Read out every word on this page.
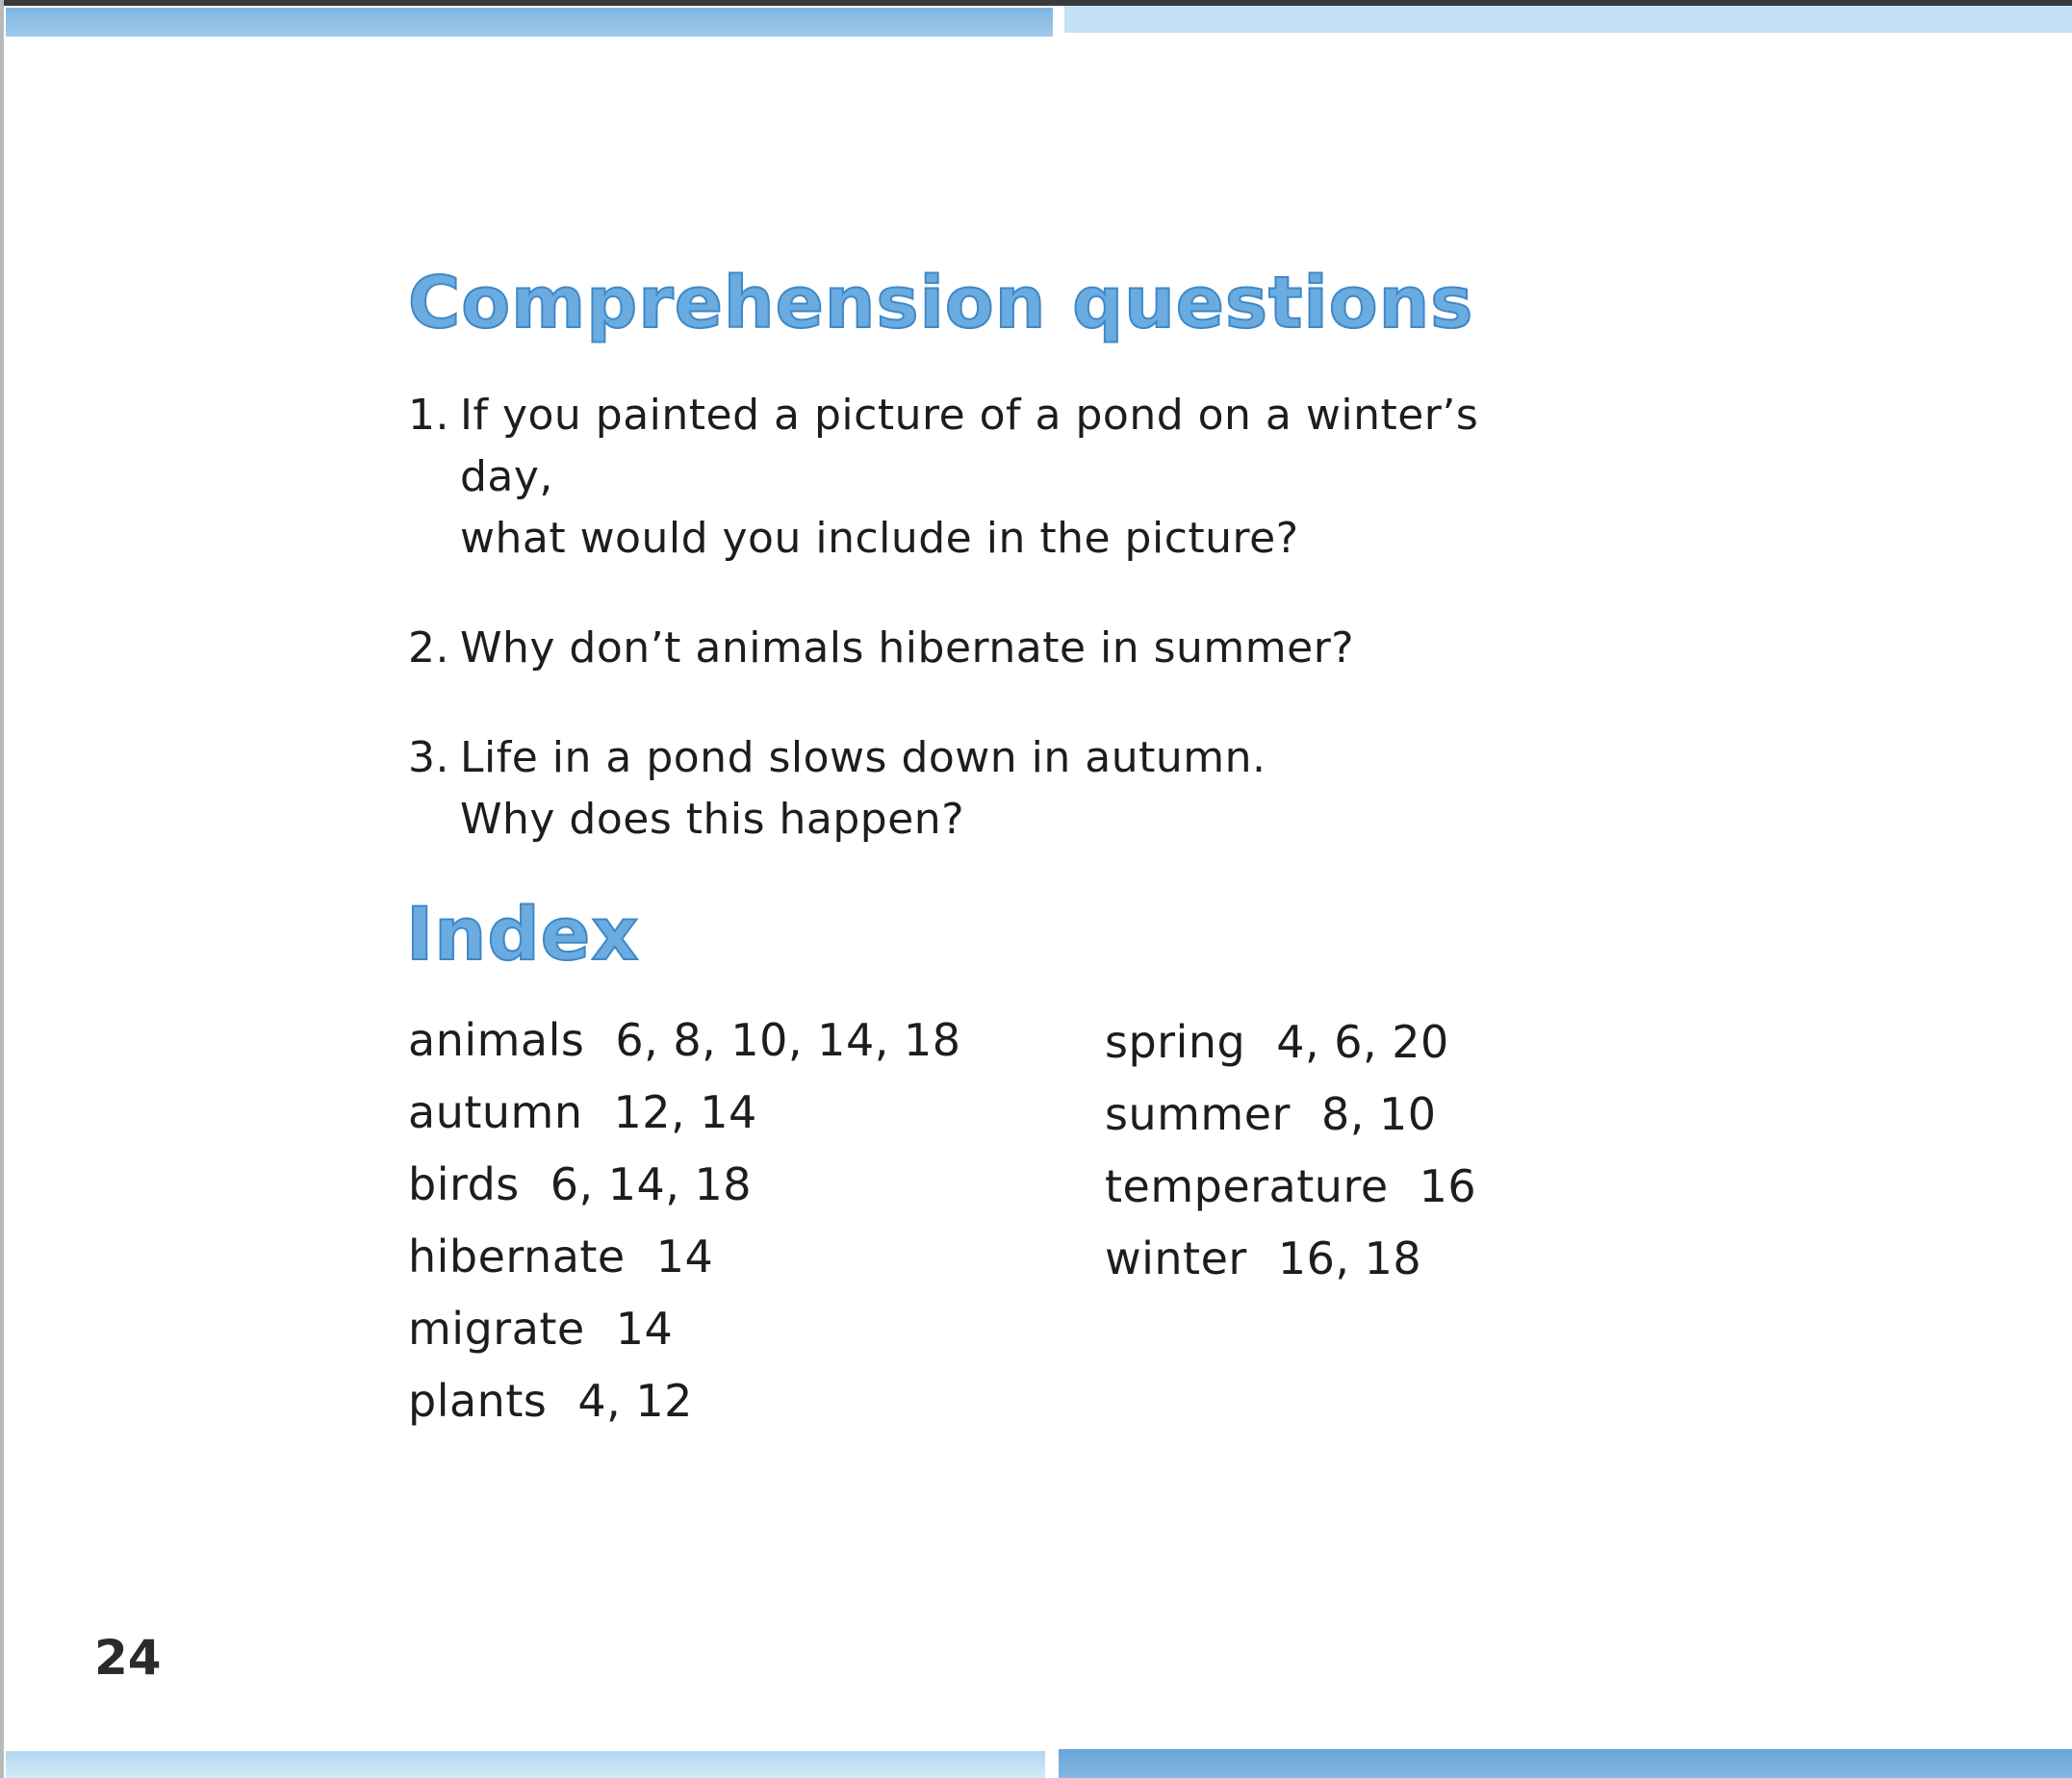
Comprehension questions
1. If you painted a picture of a pond on a winter’s day,
what would you include in the picture?
2. Why don’t animals hibernate in summer?
3. Life in a pond slows down in autumn.
Why does this happen?
Index
animals 6, 8, 10, 14, 18
autumn 12, 14
birds 6, 14, 18
hibernate 14
migrate 14
plants 4, 12
spring 4, 6, 20
summer 8, 10
temperature 16
winter 16, 18
24
